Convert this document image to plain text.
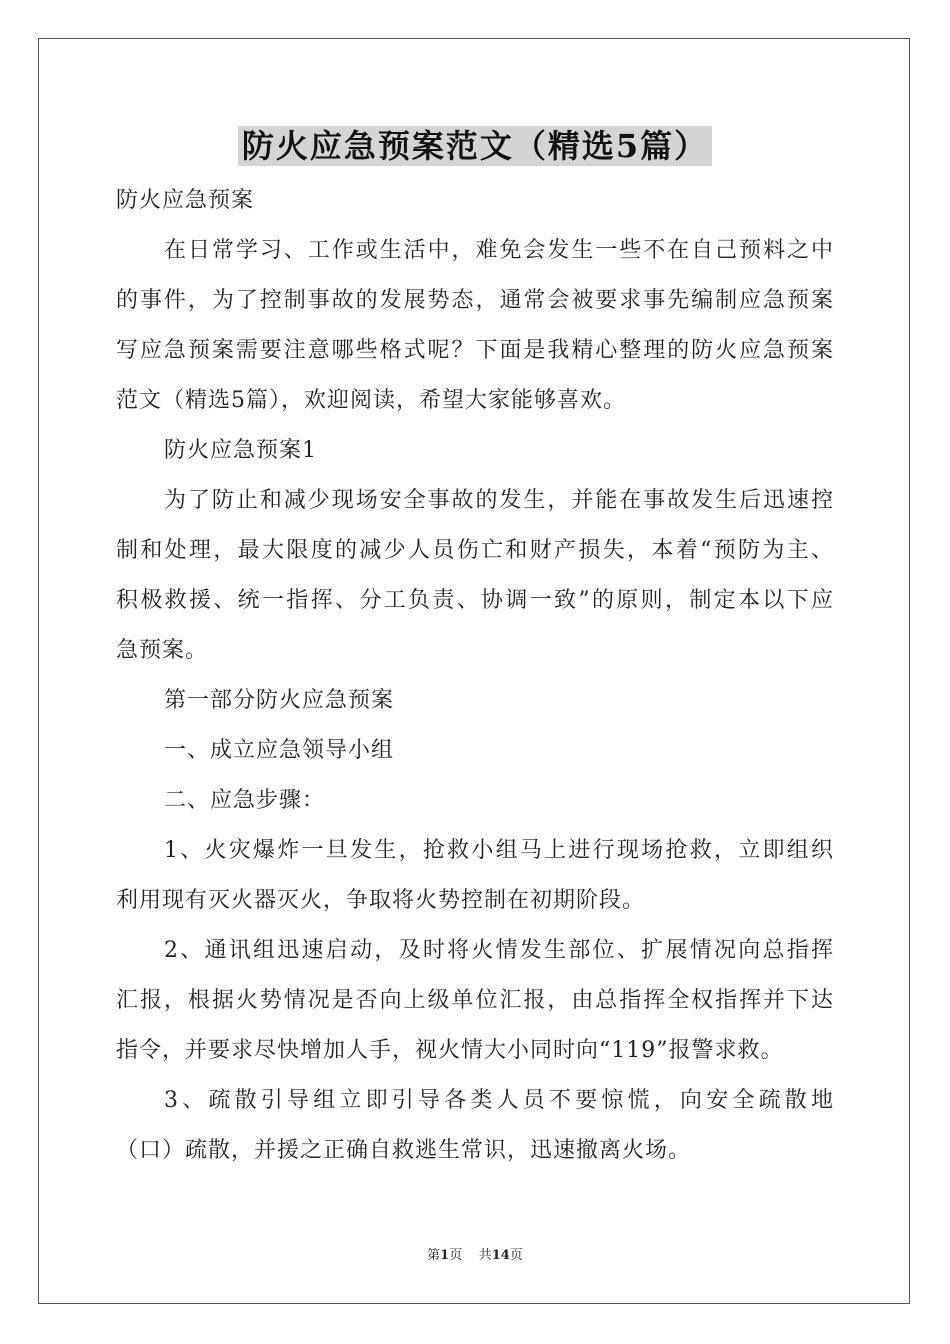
防火应急预案范文（精选5篇）

防火应急预案

在日常学习、工作或生活中，难免会发生一些不在自己预料之中

的事件，为了控制事故的发展势态，通常会被要求事先编制应急预案

写应急预案需要注意哪些格式呢？下面是我精心整理的防火应急预案

范文（精选5篇），欢迎阅读，希望大家能够喜欢。

防火应急预案1

为了防止和减少现场安全事故的发生，并能在事故发生后迅速控

制和处理，最大限度的减少人员伤亡和财产损失，本着“预防为主、

积极救援、统一指挥、分工负责、协调一致”的原则，制定本以下应

急预案。

第一部分防火应急预案

一、成立应急领导小组

二、应急步骤：

1、火灾爆炸一旦发生，抢救小组马上进行现场抢救，立即组织

利用现有灭火器灭火，争取将火势控制在初期阶段。

2、通讯组迅速启动，及时将火情发生部位、扩展情况向总指挥

汇报，根据火势情况是否向上级单位汇报，由总指挥全权指挥并下达

指令，并要求尽快增加人手，视火情大小同时向“119”报警求救。

3、疏散引导组立即引导各类人员不要惊慌，向安全疏散地

（口）疏散，并援之正确自救逃生常识，迅速撤离火场。

第1页 共14页
